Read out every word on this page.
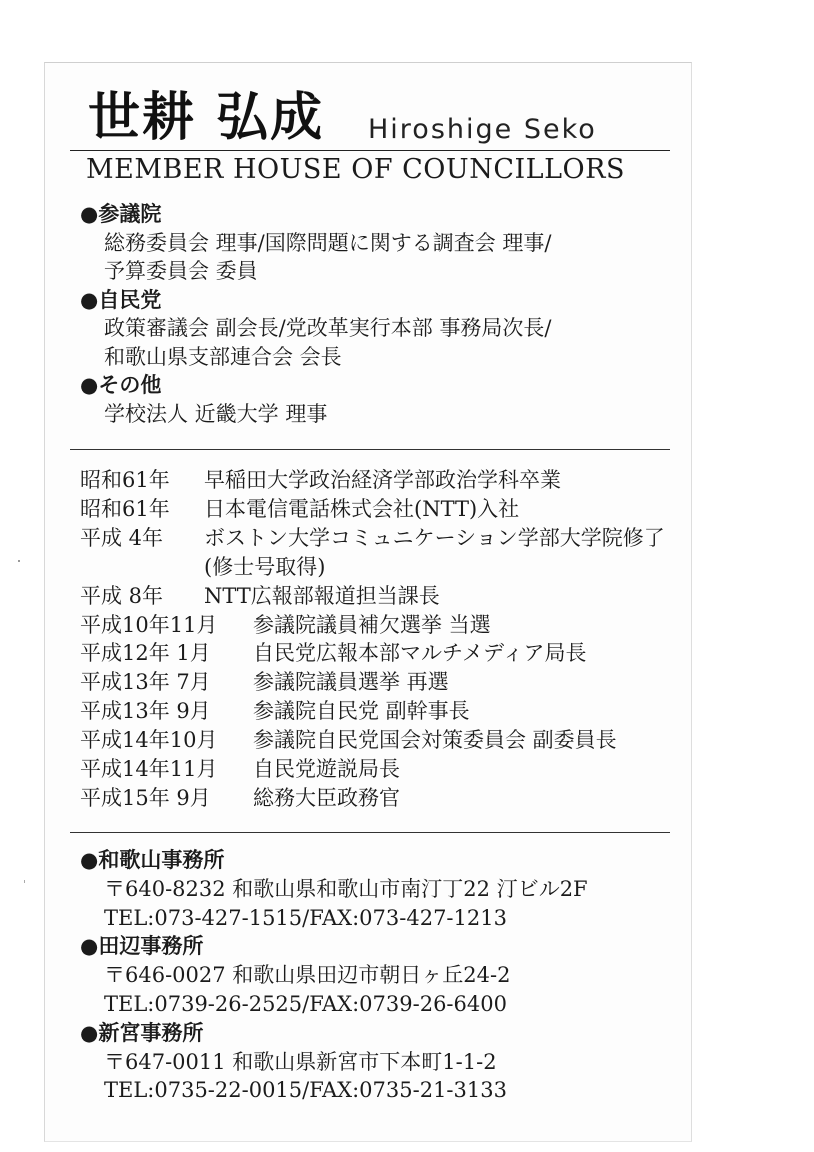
世耕 弘成 Hiroshige Seko
MEMBER HOUSE OF COUNCILLORS
●参議院
総務委員会 理事/国際問題に関する調査会 理事/
予算委員会 委員
●自民党
政策審議会 副会長/党改革実行本部 事務局次長/
和歌山県支部連合会 会長
●その他
学校法人 近畿大学 理事
昭和61年	早稲田大学政治経済学部政治学科卒業
昭和61年	日本電信電話株式会社(NTT)入社
平成 4年	ボストン大学コミュニケーション学部大学院修了
(修士号取得)
平成 8年	NTT広報部報道担当課長
平成10年11月	参議院議員補欠選挙 当選
平成12年 1月	自民党広報本部マルチメディア局長
平成13年 7月	参議院議員選挙 再選
平成13年 9月	参議院自民党 副幹事長
平成14年10月	参議院自民党国会対策委員会 副委員長
平成14年11月	自民党遊説局長
平成15年 9月	総務大臣政務官
●和歌山事務所
〒640-8232 和歌山県和歌山市南汀丁22 汀ビル2F
TEL:073-427-1515/FAX:073-427-1213
●田辺事務所
〒646-0027 和歌山県田辺市朝日ヶ丘24-2
TEL:0739-26-2525/FAX:0739-26-6400
●新宮事務所
〒647-0011 和歌山県新宮市下本町1-1-2
TEL:0735-22-0015/FAX:0735-21-3133
